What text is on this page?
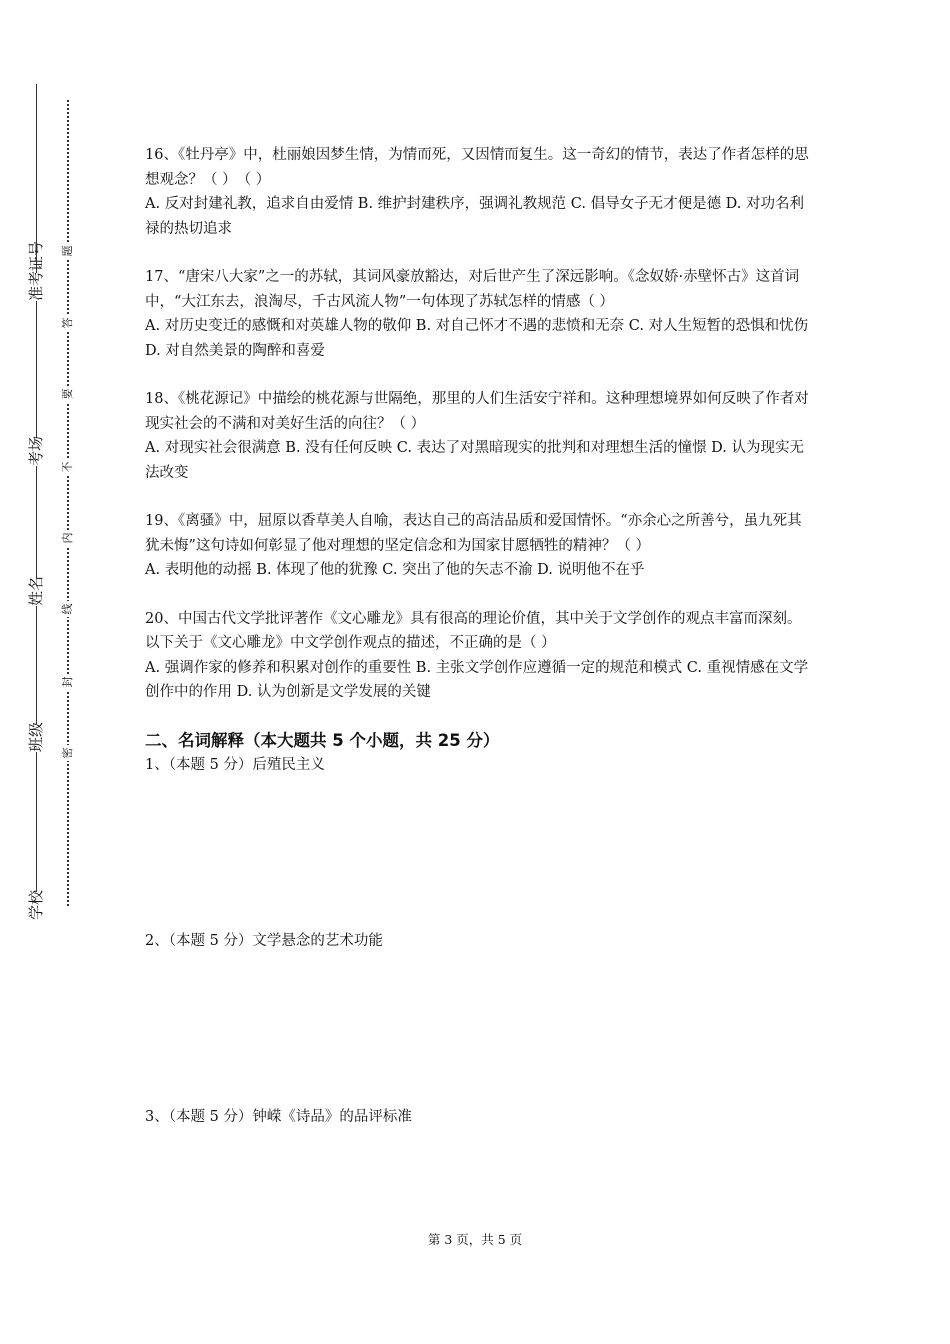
学校
班级
姓名
考场
准考证号
密
封
线
内
不
要
答
题

16、《牡丹亭》中，杜丽娘因梦生情，为情而死，又因情而复生。这一奇幻的情节，表达了作者怎样的思想观念？（ ）　（ ）

A. 反对封建礼教，追求自由爱情 B. 维护封建秩序，强调礼教规范 C. 倡导女子无才便是德 D. 对功名利禄的热切追求

17、“唐宋八大家”之一的苏轼，其词风豪放豁达，对后世产生了深远影响。《念奴娇·赤壁怀古》这首词中，“大江东去，浪淘尽，千古风流人物”一句体现了苏轼怎样的情感（ ）

A. 对历史变迁的感慨和对英雄人物的敬仰 B. 对自己怀才不遇的悲愤和无奈 C. 对人生短暂的恐惧和忧伤 D. 对自然美景的陶醉和喜爱

18、《桃花源记》中描绘的桃花源与世隔绝，那里的人们生活安宁祥和。这种理想境界如何反映了作者对现实社会的不满和对美好生活的向往？（ ）

A. 对现实社会很满意 B. 没有任何反映 C. 表达了对黑暗现实的批判和对理想生活的憧憬 D. 认为现实无法改变

19、《离骚》中，屈原以香草美人自喻，表达自己的高洁品质和爱国情怀。“亦余心之所善兮，虽九死其犹未悔”这句诗如何彰显了他对理想的坚定信念和为国家甘愿牺牲的精神？（ ）

A. 表明他的动摇 B. 体现了他的犹豫 C. 突出了他的矢志不渝 D. 说明他不在乎

20、中国古代文学批评著作《文心雕龙》具有很高的理论价值，其中关于文学创作的观点丰富而深刻。以下关于《文心雕龙》中文学创作观点的描述，不正确的是（ ）

A. 强调作家的修养和积累对创作的重要性 B. 主张文学创作应遵循一定的规范和模式 C. 重视情感在文学创作中的作用 D. 认为创新是文学发展的关键

二、名词解释（本大题共 5 个小题，共 25 分）

1、（本题 5 分）后殖民主义

2、（本题 5 分）文学悬念的艺术功能

3、（本题 5 分）钟嵘《诗品》的品评标准

第 3 页，共 5 页
